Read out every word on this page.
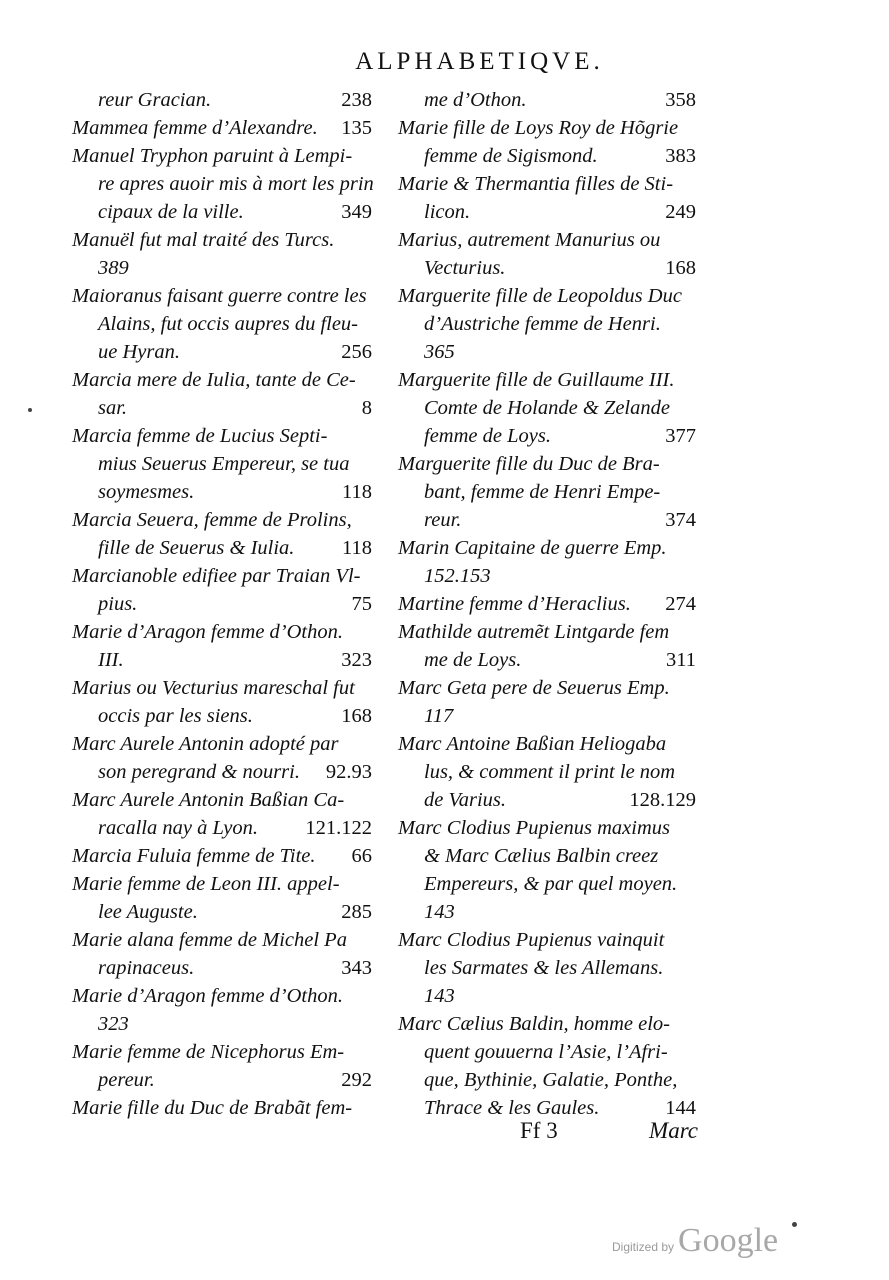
ALPHABETIQVE.
reur Gracian.	238
Mammea femme d’Alexandre. 135
Manuel Tryphon paruint à Lempi-
re apres auoir mis à mort les prin
cipaux de la ville.	349
Manuël fut mal traité des Turcs.
389
Maioranus faisant guerre contre les
Alains, fut occis aupres du fleu-
ue Hyran.	256
Marcia mere de Iulia, tante de Ce-
sar.	8
Marcia femme de Lucius Septi-
mius Seuerus Empereur, se tua
soymesmes.	118
Marcia Seuera, femme de Prolins,
fille de Seuerus & Iulia. 118
Marcianoble edifiee par Traian Vl-
pius.	75
Marie d’Aragon femme d’Othon.
III.	323
Marius ou Vecturius mareschal fut
occis par les siens.	168
Marc Aurele Antonin adopté par
son peregrand & nourri. 92.93
Marc Aurele Antonin Baßian Ca-
racalla nay à Lyon. 121.122
Marcia Fuluia femme de Tite. 66
Marie femme de Leon III. appel-
lee Auguste.	285
Marie alana femme de Michel Pa
rapinaceus.	343
Marie d’Aragon femme d’Othon.
323
Marie femme de Nicephorus Em-
pereur.	292
Marie fille du Duc de Brabãt fem-
me d’Othon.	358
Marie fille de Loys Roy de Hõgrie
femme de Sigismond.	383
Marie & Thermantia filles de Sti-
licon.	249
Marius, autrement Manurius ou
Vecturius.	168
Marguerite fille de Leopoldus Duc
d’Austriche femme de Henri.
365
Marguerite fille de Guillaume III.
Comte de Holande & Zelande
femme de Loys.	377
Marguerite fille du Duc de Bra-
bant, femme de Henri Empe-
reur.	374
Marin Capitaine de guerre Emp.
152.153
Martine femme d’Heraclius. 274
Mathilde autremẽt Lintgarde fem
me de Loys.	311
Marc Geta pere de Seuerus Emp.
117
Marc Antoine Baßian Heliogaba
lus, & comment il print le nom
de Varius.	128.129
Marc Clodius Pupienus maximus
& Marc Cælius Balbin creez
Empereurs, & par quel moyen.
143
Marc Clodius Pupienus vainquit
les Sarmates & les Allemans.
143
Marc Cælius Baldin, homme elo-
quent gouuerna l’Asie, l’Afri-
que, Bythinie, Galatie, Ponthe,
Thrace & les Gaules.	144
Ff 3	Marc
Digitized by Google
